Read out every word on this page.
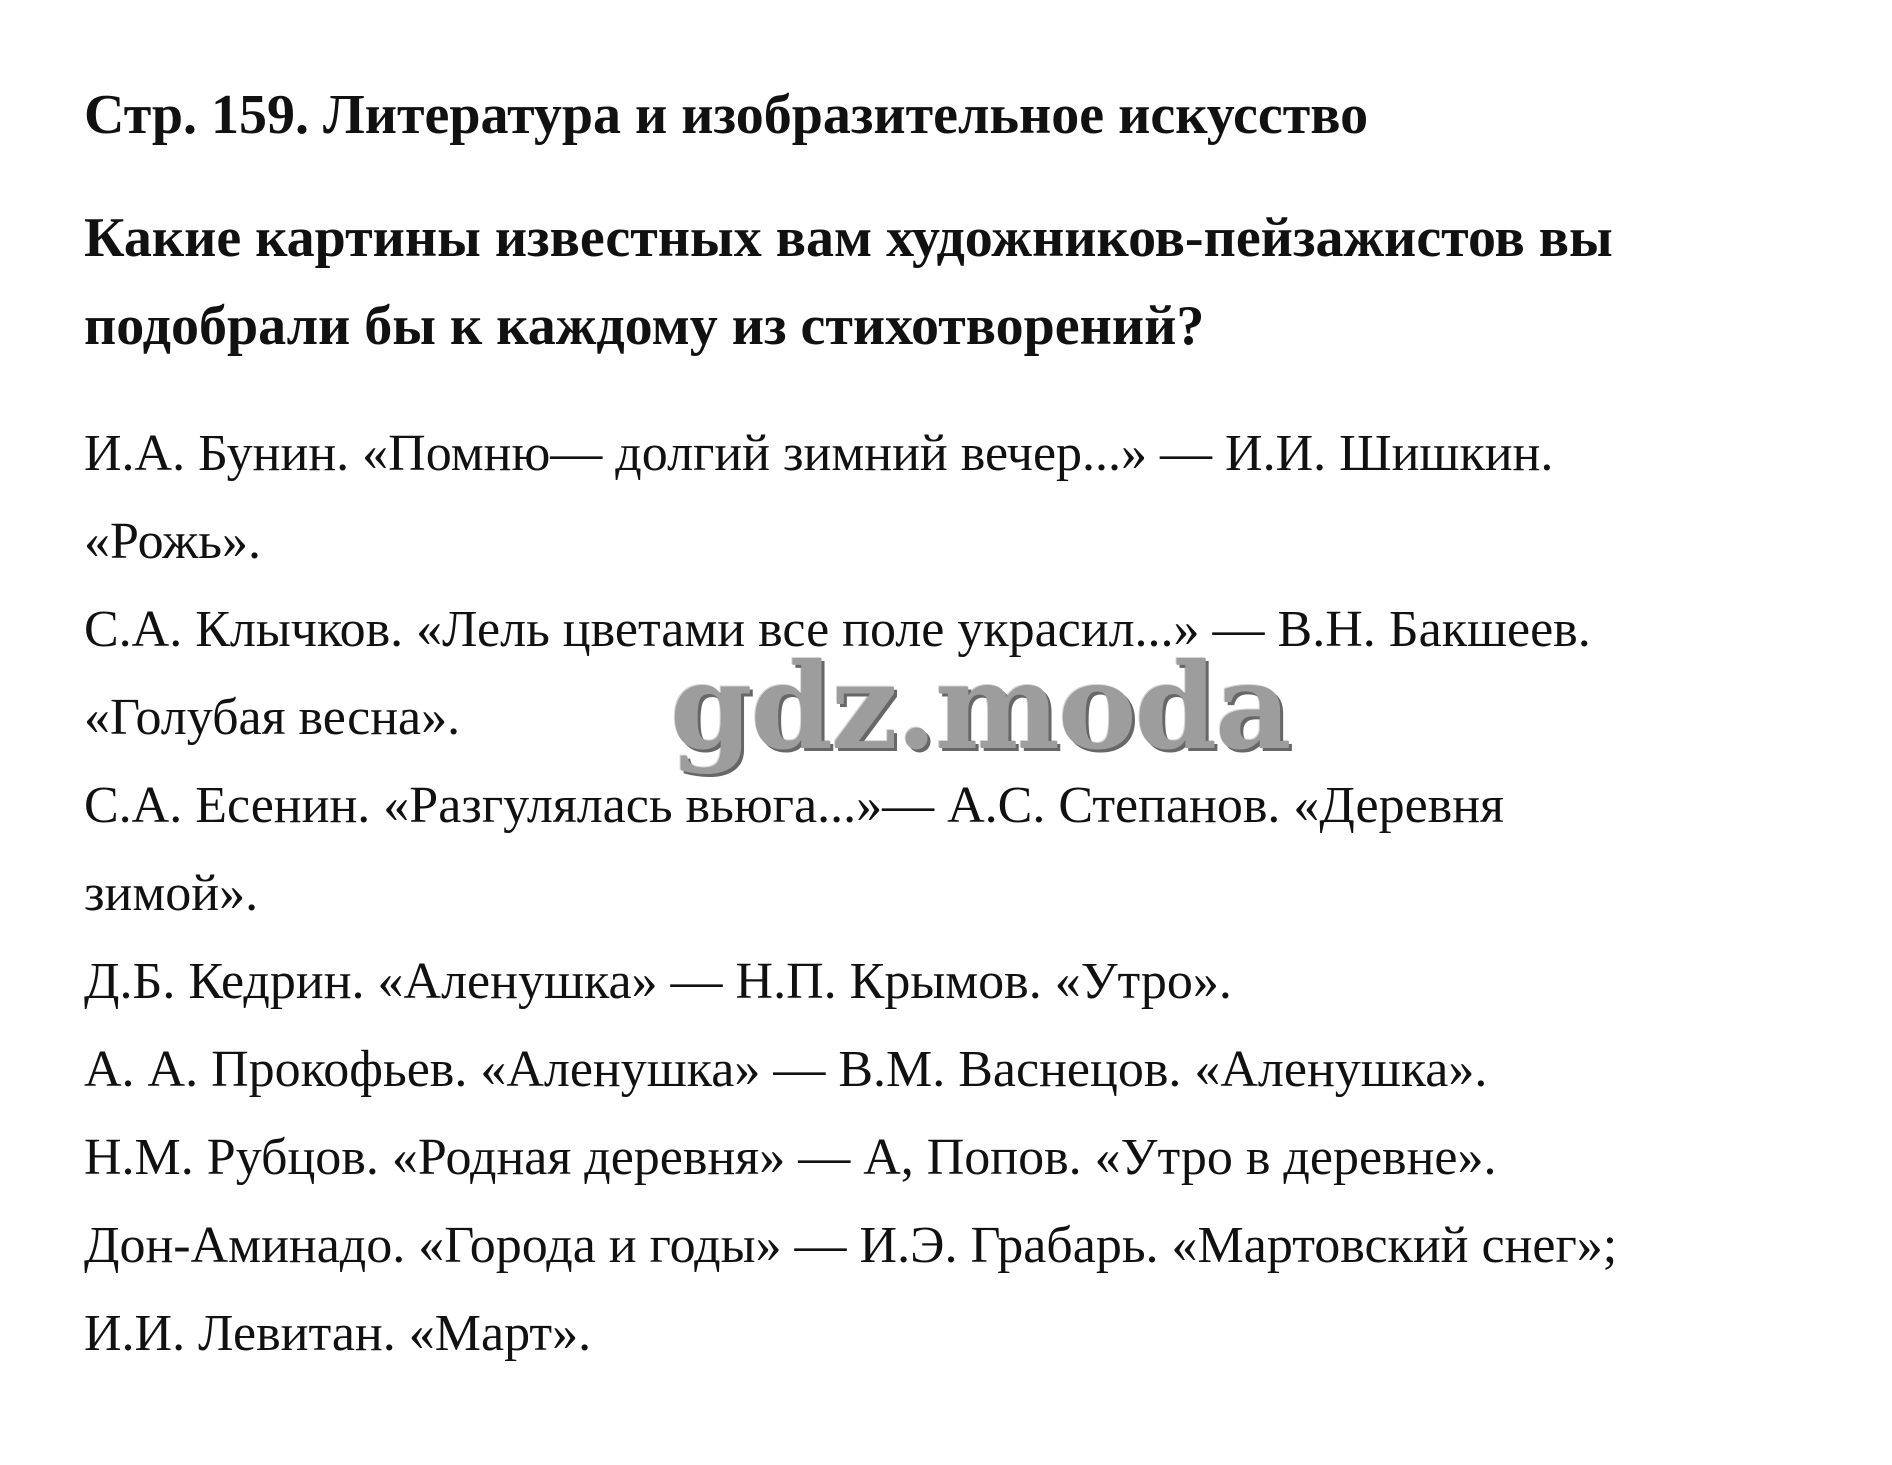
Стр. 159. Литература и изобразительное искусство

Какие картины известных вам художников-пейзажистов вы подобрали бы к каждому из стихотворений?

И.А. Бунин. «Помню— долгий зимний вечер...» — И.И. Шишкин.

«Рожь».

С.А. Клычков. «Лель цветами все поле украсил...» — В.Н. Бакшеев.

«Голубая весна».

С.А. Есенин. «Разгулялась вьюга...»— А.С. Степанов. «Деревня

зимой».

Д.Б. Кедрин. «Аленушка» — Н.П. Крымов. «Утро».

А. А. Прокофьев. «Аленушка» — В.М. Васнецов. «Аленушка».

Н.М. Рубцов. «Родная деревня» — А, Попов. «Утро в деревне».

Дон-Аминадо. «Города и годы» — И.Э. Грабарь. «Мартовский снег»;

И.И. Левитан. «Март».

gdz.moda
